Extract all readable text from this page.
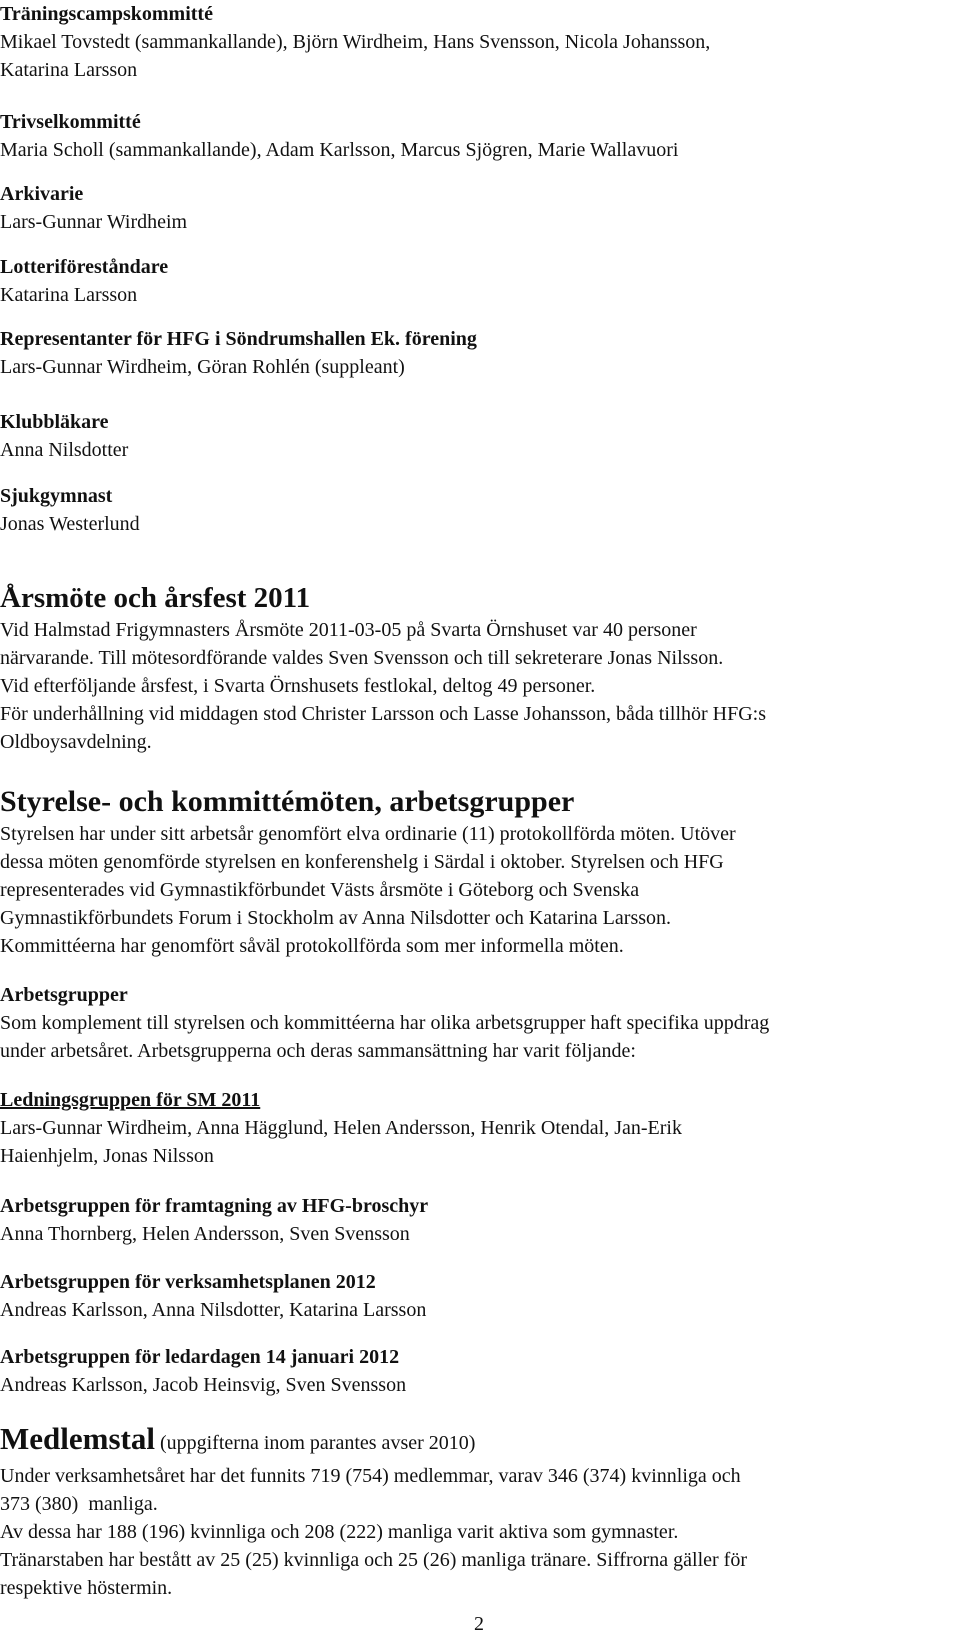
Träningscampskommitté

Mikael Tovstedt (sammankallande), Björn Wirdheim, Hans Svensson, Nicola Johansson,

Katarina Larsson

Trivselkommitté

Maria Scholl (sammankallande), Adam Karlsson, Marcus Sjögren, Marie Wallavuori

Arkivarie

Lars-Gunnar Wirdheim

Lotteriföreståndare

Katarina Larsson

Representanter för HFG i Söndrumshallen Ek. förening

Lars-Gunnar Wirdheim, Göran Rohlén (suppleant)

Klubbläkare

Anna Nilsdotter

Sjukgymnast

Jonas Westerlund

Årsmöte och årsfest 2011

Vid Halmstad Frigymnasters Årsmöte 2011-03-05 på Svarta Örnshuset var 40 personer

närvarande. Till mötesordförande valdes Sven Svensson och till sekreterare Jonas Nilsson.

Vid efterföljande årsfest, i Svarta Örnshusets festlokal, deltog 49 personer.

För underhållning vid middagen stod Christer Larsson och Lasse Johansson, båda tillhör HFG:s

Oldboysavdelning.

Styrelse- och kommittémöten, arbetsgrupper

Styrelsen har under sitt arbetsår genomfört elva ordinarie (11) protokollförda möten. Utöver

dessa möten genomförde styrelsen en konferenshelg i Särdal i oktober. Styrelsen och HFG

representerades vid Gymnastikförbundet Västs årsmöte i Göteborg och Svenska

Gymnastikförbundets Forum i Stockholm av Anna Nilsdotter och Katarina Larsson.

Kommittéerna har genomfört såväl protokollförda som mer informella möten.

Arbetsgrupper

Som komplement till styrelsen och kommittéerna har olika arbetsgrupper haft specifika uppdrag

under arbetsåret. Arbetsgrupperna och deras sammansättning har varit följande:

Ledningsgruppen för SM 2011

Lars-Gunnar Wirdheim, Anna Hägglund, Helen Andersson, Henrik Otendal, Jan-Erik

Haienhjelm, Jonas Nilsson

Arbetsgruppen för framtagning av HFG-broschyr

Anna Thornberg, Helen Andersson, Sven Svensson

Arbetsgruppen för verksamhetsplanen 2012

Andreas Karlsson, Anna Nilsdotter, Katarina Larsson

Arbetsgruppen för ledardagen 14 januari 2012

Andreas Karlsson, Jacob Heinsvig, Sven Svensson

Medlemstal (uppgifterna inom parantes avser 2010)

Under verksamhetsåret har det funnits 719 (754) medlemmar, varav 346 (374) kvinnliga och

373 (380)  manliga.

Av dessa har 188 (196) kvinnliga och 208 (222) manliga varit aktiva som gymnaster.

Tränarstaben har bestått av 25 (25) kvinnliga och 25 (26) manliga tränare. Siffrorna gäller för

respektive höstermin.

2
